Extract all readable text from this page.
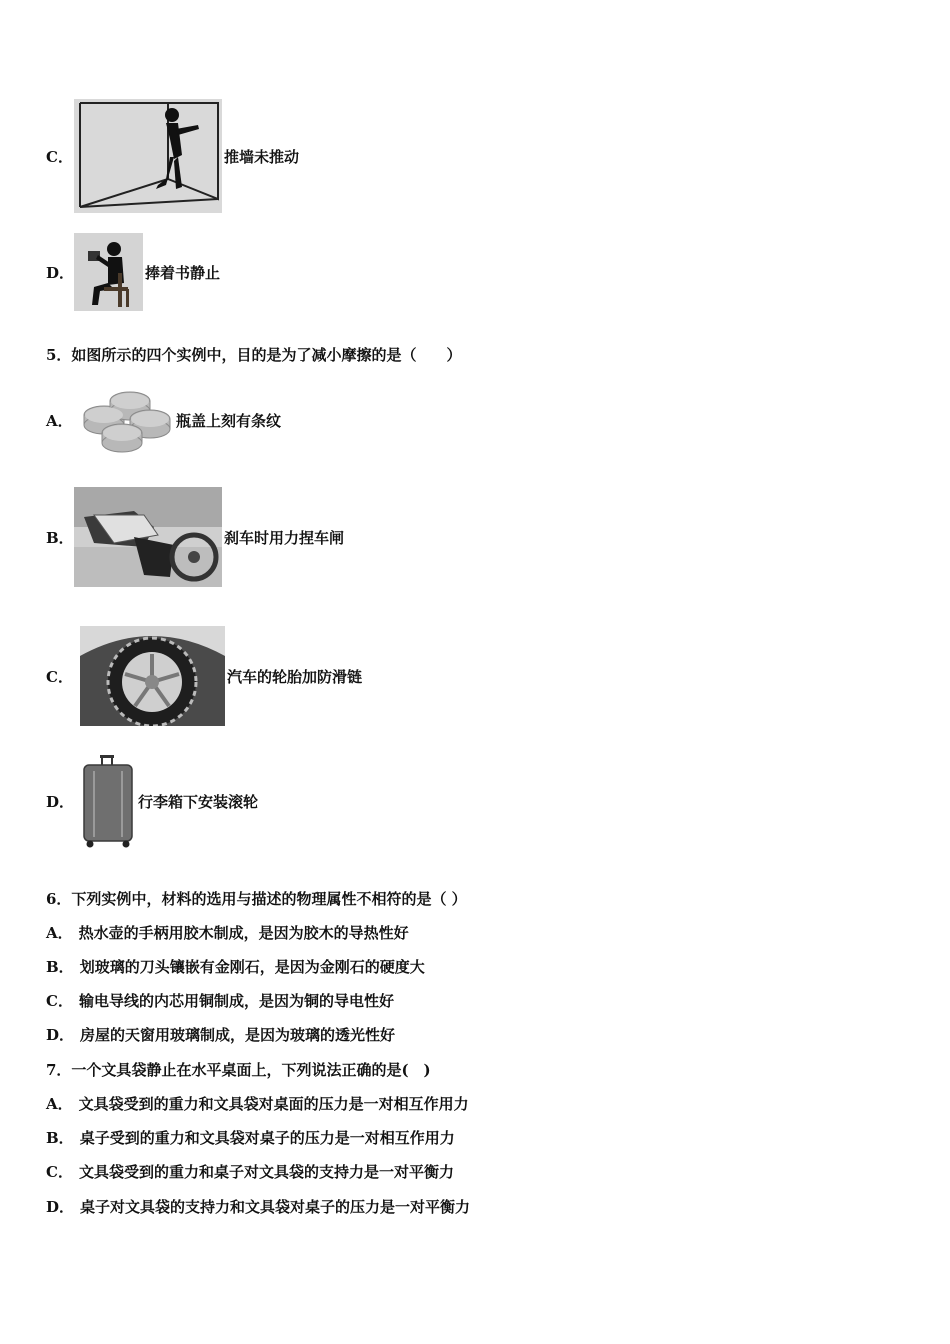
C．	推墙未推动
D．	捧着书静止
5．如图所示的四个实例中，目的是为了减小摩擦的是（　　）
A．	瓶盖上刻有条纹
B．	刹车时用力捏车闸
C．	汽车的轮胎加防滑链
D．	行李箱下安装滚轮
6．下列实例中，材料的选用与描述的物理属性不相符的是（ ）
A． 热水壶的手柄用胶木制成，是因为胶木的导热性好
B． 划玻璃的刀头镶嵌有金刚石，是因为金刚石的硬度大
C． 输电导线的内芯用铜制成，是因为铜的导电性好
D． 房屋的天窗用玻璃制成，是因为玻璃的透光性好
7．一个文具袋静止在水平桌面上，下列说法正确的是(　)
A． 文具袋受到的重力和文具袋对桌面的压力是一对相互作用力
B． 桌子受到的重力和文具袋对桌子的压力是一对相互作用力
C． 文具袋受到的重力和桌子对文具袋的支持力是一对平衡力
D． 桌子对文具袋的支持力和文具袋对桌子的压力是一对平衡力
